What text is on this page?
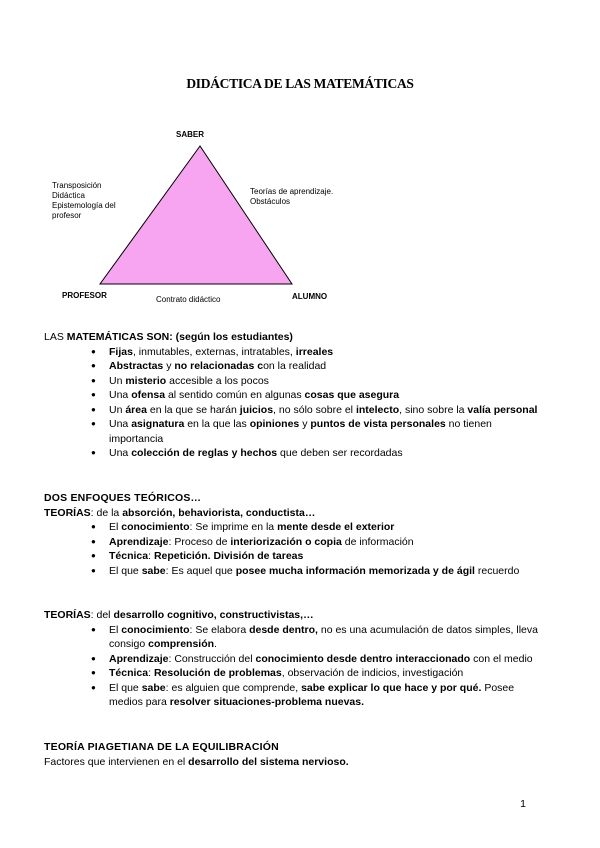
DIDÁCTICA DE LAS MATEMÁTICAS
SABER
PROFESOR	ALUMNO
Contrato didáctico
Transposición
Didáctica
Epistemología del
profesor
Teorías de aprendizaje.
Obstáculos

LAS MATEMÁTICAS SON: (según los estudiantes)

● Fijas, inmutables, externas, intratables, irreales
● Abstractas y no relacionadas con la realidad
● Un misterio accesible a los pocos
● Una ofensa al sentido común en algunas cosas que asegura
● Un área en la que se harán juicios, no sólo sobre el intelecto, sino sobre la valía personal
● Una asignatura en la que las opiniones y puntos de vista personales no tienen importancia
● Una colección de reglas y hechos que deben ser recordadas

DOS ENFOQUES TEÓRICOS…

TEORÍAS: de la absorción, behaviorista, conductista…

● El conocimiento: Se imprime en la mente desde el exterior
● Aprendizaje: Proceso de interiorización o copia de información
● Técnica: Repetición. División de tareas
● El que sabe: Es aquel que posee mucha información memorizada y de ágil recuerdo

TEORÍAS: del desarrollo cognitivo, constructivistas,…

● El conocimiento: Se elabora desde dentro, no es una acumulación de datos simples, lleva consigo comprensión.
● Aprendizaje: Construcción del conocimiento desde dentro interaccionado con el medio
● Técnica: Resolución de problemas, observación de indicios, investigación
● El que sabe: es alguien que comprende, sabe explicar lo que hace y por qué. Posee medios para resolver situaciones-problema nuevas.

TEORÍA PIAGETIANA DE LA EQUILIBRACIÓN

Factores que intervienen en el desarrollo del sistema nervioso.

1
